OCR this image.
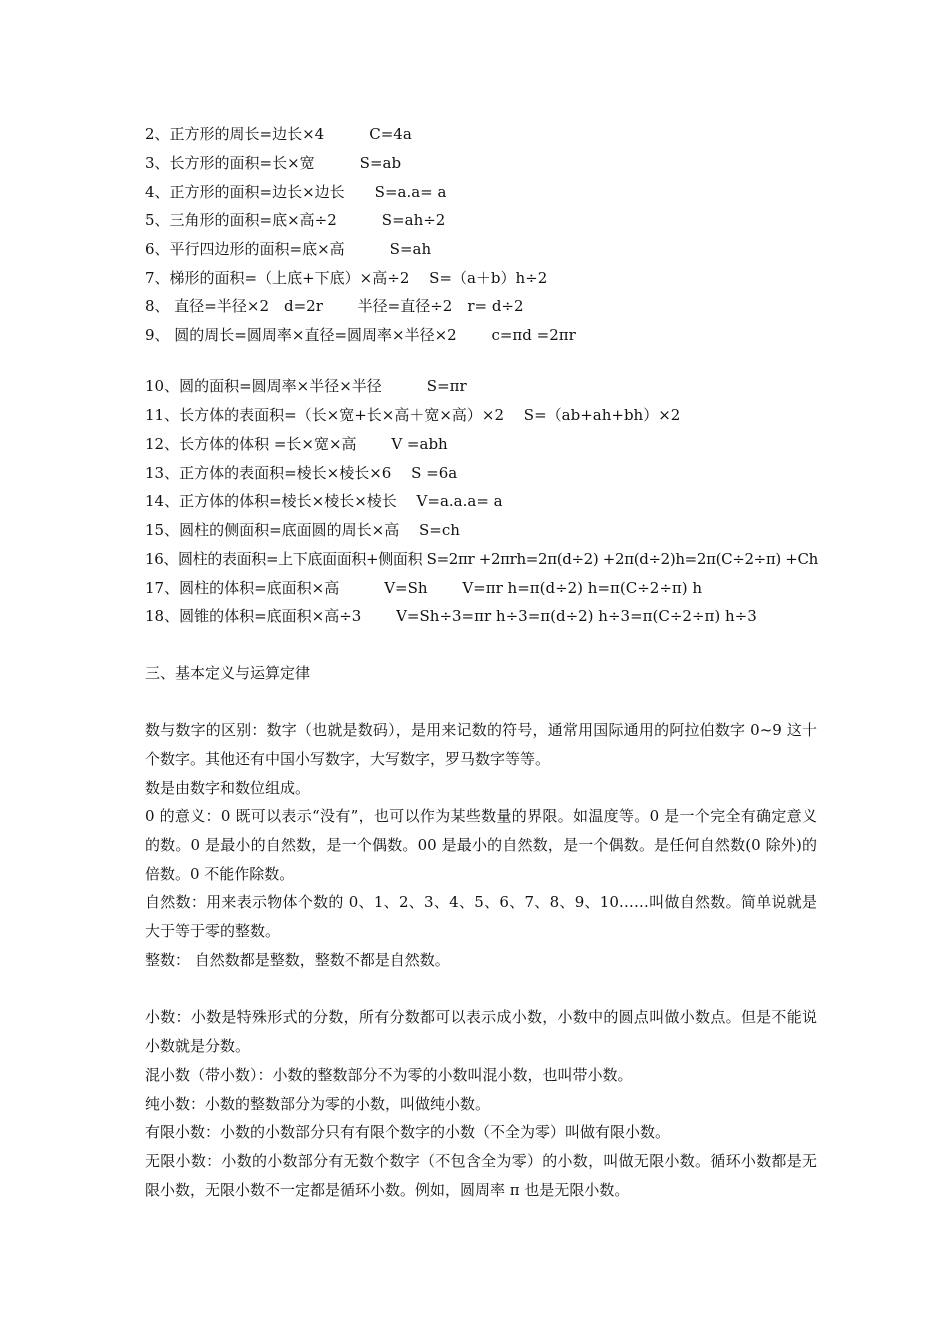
2、正方形的周长=边长×4　　　C=4a
3、长方形的面积=长×宽　　　S=ab
4、正方形的面积=边长×边长　　S=a.a= a
5、三角形的面积=底×高÷2　　　S=ah÷2
6、平行四边形的面积=底×高　　　S=ah
7、梯形的面积=（上底+下底）×高÷2　 S=（a＋b）h÷2
8、 直径=半径×2　d=2r　　 半径=直径÷2　r= d÷2
9、 圆的周长=圆周率×直径=圆周率×半径×2　　 c=πd =2πr
10、圆的面积=圆周率×半径×半径　　　S=πr
11、长方体的表面积=（长×宽+长×高＋宽×高）×2　 S=（ab+ah+bh）×2
12、长方体的体积 =长×宽×高　　 V =abh
13、正方体的表面积=棱长×棱长×6　 S =6a
14、正方体的体积=棱长×棱长×棱长　 V=a.a.a= a
15、圆柱的侧面积=底面圆的周长×高　 S=ch
16、圆柱的表面积=上下底面面积+侧面积 S=2πr +2πrh=2π(d÷2) +2π(d÷2)h=2π(C÷2÷π) +Ch
17、圆柱的体积=底面积×高　　　V=Sh　　 V=πr h=π(d÷2) h=π(C÷2÷π) h
18、圆锥的体积=底面积×高÷3　　 V=Sh÷3=πr h÷3=π(d÷2) h÷3=π(C÷2÷π) h÷3
三、基本定义与运算定律
数与数字的区别：数字（也就是数码），是用来记数的符号，通常用国际通用的阿拉伯数字 0~9 这十个数字。其他还有中国小写数字，大写数字，罗马数字等等。
数是由数字和数位组成。
0 的意义：0 既可以表示“没有”，也可以作为某些数量的界限。如温度等。0 是一个完全有确定意义的数。0 是最小的自然数，是一个偶数。00 是最小的自然数，是一个偶数。是任何自然数(0 除外)的倍数。0 不能作除数。
自然数：用来表示物体个数的 0、1、2、3、4、5、6、7、8、9、10……叫做自然数。简单说就是大于等于零的整数。
整数： 自然数都是整数，整数不都是自然数。
小数：小数是特殊形式的分数，所有分数都可以表示成小数，小数中的圆点叫做小数点。但是不能说小数就是分数。
混小数（带小数）：小数的整数部分不为零的小数叫混小数，也叫带小数。
纯小数：小数的整数部分为零的小数，叫做纯小数。
有限小数：小数的小数部分只有有限个数字的小数（不全为零）叫做有限小数。
无限小数：小数的小数部分有无数个数字（不包含全为零）的小数，叫做无限小数。循环小数都是无限小数，无限小数不一定都是循环小数。例如，圆周率 π 也是无限小数。
